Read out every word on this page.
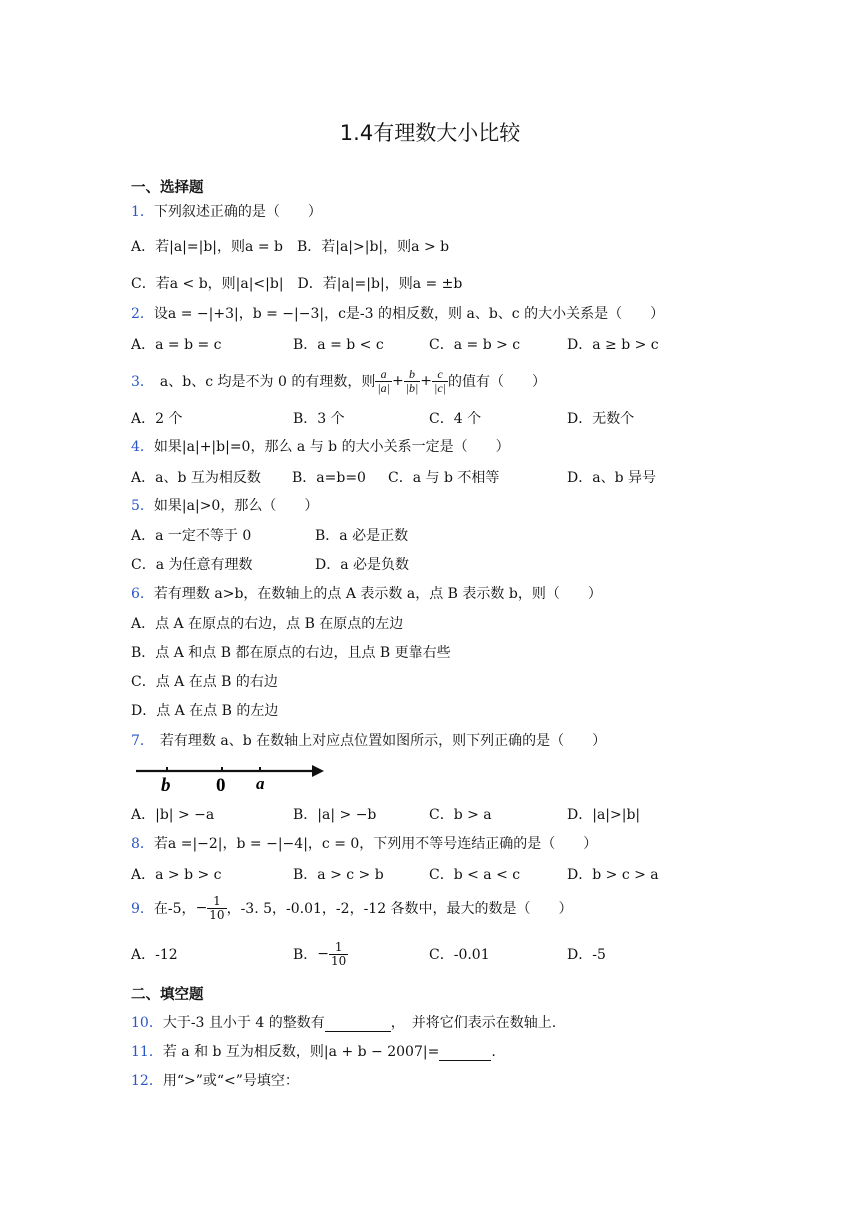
1.4有理数大小比较
一、选择题
1．下列叙述正确的是（　　）
A．若|a|=|b|，则a = b　B．若|a|>|b|，则a > b
C．若a < b，则|a|<|b|　D．若|a|=|b|，则a = ±b
2．设a = −|+3|，b = −|−3|，c是-3 的相反数，则 a、b、c 的大小关系是（　　）
A．a = b = c	B．a = b < c	C．a = b > c	D．a ≥ b > c
3． a、b、c 均是不为 0 的有理数，则 $\frac{a}{|a|} + \frac{b}{|b|} + \frac{c}{|c|}$ 的值有（　　）
A．2 个	B．3 个	C．4 个	D．无数个
4．如果|a|+|b|=0，那么 a 与 b 的大小关系一定是（　　）
A．a、b 互为相反数 B．a=b=0 C．a 与 b 不相等	D．a、b 异号
5．如果|a|>0，那么（　　）
A．a 一定不等于 0	B．a 必是正数
C．a 为任意有理数	D．a 必是负数
6．若有理数 a>b，在数轴上的点 A 表示数 a，点 B 表示数 b，则（　　）
A．点 A 在原点的右边，点 B 在原点的左边
B．点 A 和点 B 都在原点的右边，且点 B 更靠右些
C．点 A 在点 B 的右边
D．点 A 在点 B 的左边
7． 若有理数 a、b 在数轴上对应点位置如图所示，则下列正确的是（　　）
b 0 a
A．|b| > −a	B．|a| > −b	C．b > a	D．|a|>|b|
8．若a =|−2|，b = −|−4|，c = 0，下列用不等号连结正确的是（　　）
A．a > b > c	B．a > c > b	C．b < a < c	D．b > c > a
9． 在-5， − $\frac{1}{10}$ ，-3. 5，-0.01，-2，-12 各数中，最大的数是（　　）
A．-12	B． − $\frac{1}{10}$	C．-0.01	D．-5
二、填空题
10．大于-3 且小于 4 的整数有	，　并将它们表示在数轴上.
11．若 a 和 b 互为相反数，则|a + b − 2007|=	.
12．用“>”或“<”号填空：
